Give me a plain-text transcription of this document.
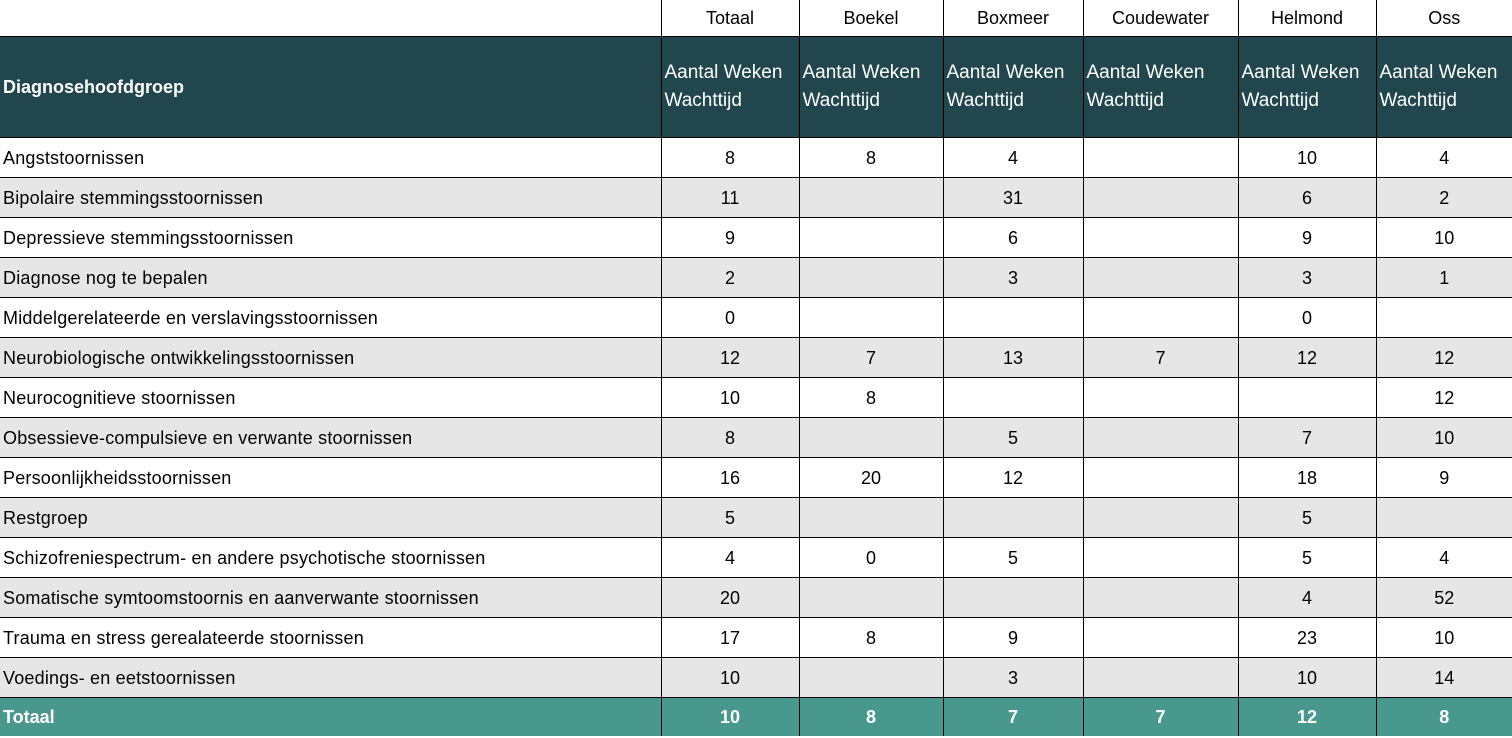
	Totaal	Boekel	Boxmeer	Coudewater	Helmond	Oss
Diagnosehoofdgroep	Aantal Weken Wachttijd	Aantal Weken Wachttijd	Aantal Weken Wachttijd	Aantal Weken Wachttijd	Aantal Weken Wachttijd	Aantal Weken Wachttijd
Angststoornissen	8	8	4		10	4
Bipolaire stemmingsstoornissen	11		31		6	2
Depressieve stemmingsstoornissen	9		6		9	10
Diagnose nog te bepalen	2		3		3	1
Middelgerelateerde en verslavingsstoornissen	0				0	
Neurobiologische ontwikkelingsstoornissen	12	7	13	7	12	12
Neurocognitieve stoornissen	10	8				12
Obsessieve-compulsieve en verwante stoornissen	8		5		7	10
Persoonlijkheidsstoornissen	16	20	12		18	9
Restgroep	5				5	
Schizofreniespectrum- en andere psychotische stoornissen	4	0	5		5	4
Somatische symtoomstoornis en aanverwante stoornissen	20				4	52
Trauma en stress gerealateerde stoornissen	17	8	9		23	10
Voedings- en eetstoornissen	10		3		10	14
Totaal	10	8	7	7	12	8
